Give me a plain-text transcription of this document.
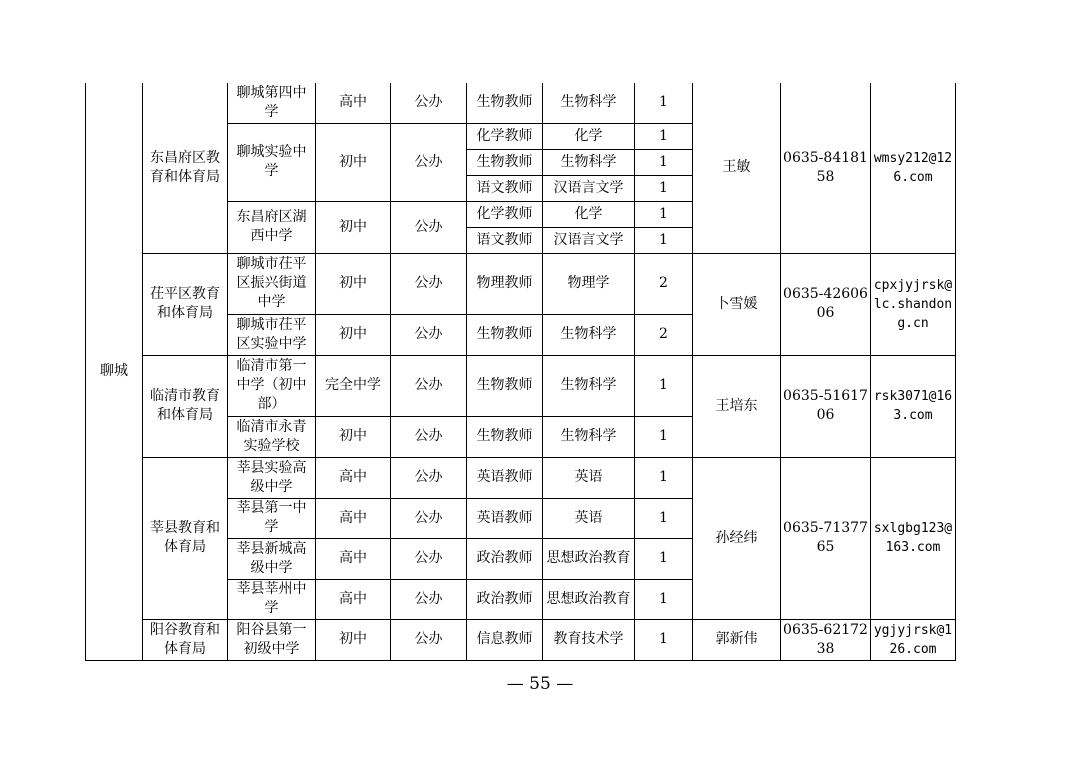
聊城	东昌府区教育和体育局	聊城第四中学	高中	公办	生物教师	生物科学	1	王敏	0635-8418158	wmsy212@126.com
		聊城实验中学	初中	公办	化学教师	化学	1			
					生物教师	生物科学	1			
					语文教师	汉语言文学	1			
		东昌府区湖西中学	初中	公办	化学教师	化学	1			
					语文教师	汉语言文学	1			
	茌平区教育和体育局	聊城市茌平区振兴街道中学	初中	公办	物理教师	物理学	2	卜雪媛	0635-4260606	cpxjyjrsk@lc.shandong.cn
		聊城市茌平区实验中学	初中	公办	生物教师	生物科学	2			
	临清市教育和体育局	临清市第一中学（初中部）	完全中学	公办	生物教师	生物科学	1	王培东	0635-5161706	rsk3071@163.com
		临清市永青实验学校	初中	公办	生物教师	生物科学	1			
	莘县教育和体育局	莘县实验高级中学	高中	公办	英语教师	英语	1	孙经纬	0635-7137765	sxlgbg123@163.com
		莘县第一中学	高中	公办	英语教师	英语	1			
		莘县新城高级中学	高中	公办	政治教师	思想政治教育	1			
		莘县莘州中学	高中	公办	政治教师	思想政治教育	1			
	阳谷教育和体育局	阳谷县第一初级中学	初中	公办	信息教师	教育技术学	1	郭新伟	0635-6217238	ygjyjrsk@126.com
— 55 —
